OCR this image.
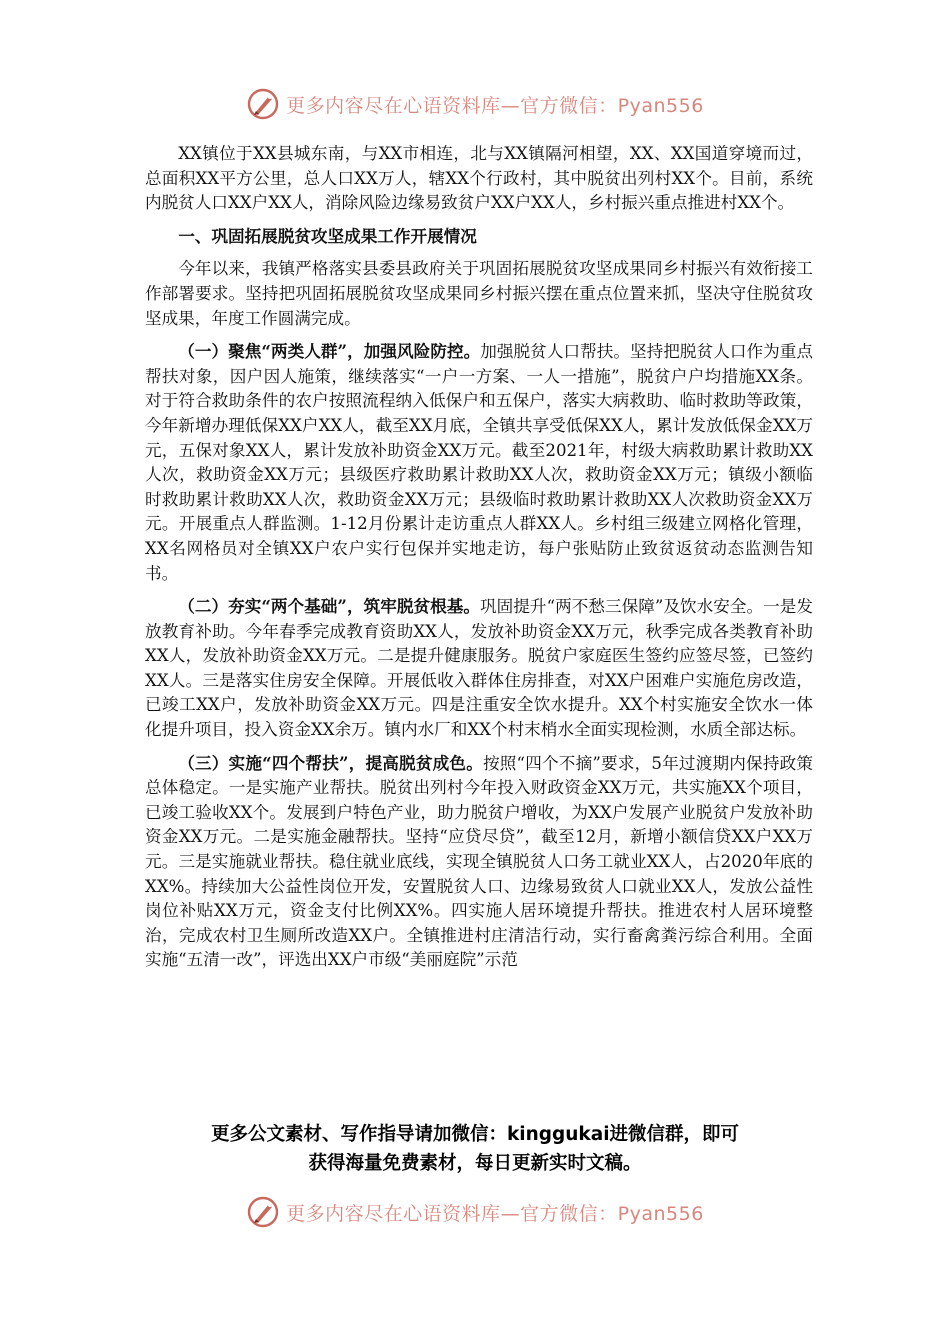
更多内容尽在心语资料库—官方微信：Pyan556

XX镇位于XX县城东南，与XX市相连，北与XX镇隔河相望，XX、XX国道穿境而过，总面积XX平方公里，总人口XX万人，辖XX个行政村，其中脱贫出列村XX个。目前，系统内脱贫人口XX户XX人，消除风险边缘易致贫户XX户XX人，乡村振兴重点推进村XX个。

一、巩固拓展脱贫攻坚成果工作开展情况

今年以来，我镇严格落实县委县政府关于巩固拓展脱贫攻坚成果同乡村振兴有效衔接工作部署要求。坚持把巩固拓展脱贫攻坚成果同乡村振兴摆在重点位置来抓，坚决守住脱贫攻坚成果，年度工作圆满完成。

（一）聚焦“两类人群”，加强风险防控。加强脱贫人口帮扶。坚持把脱贫人口作为重点帮扶对象，因户因人施策，继续落实“一户一方案、一人一措施”，脱贫户户均措施XX条。对于符合救助条件的农户按照流程纳入低保户和五保户，落实大病救助、临时救助等政策，今年新增办理低保XX户XX人，截至XX月底，全镇共享受低保XX人，累计发放低保金XX万元，五保对象XX人，累计发放补助资金XX万元。截至2021年，村级大病救助累计救助XX人次，救助资金XX万元；县级医疗救助累计救助XX人次，救助资金XX万元；镇级小额临时救助累计救助XX人次，救助资金XX万元；县级临时救助累计救助XX人次救助资金XX万元。开展重点人群监测。1-12月份累计走访重点人群XX人。乡村组三级建立网格化管理，XX名网格员对全镇XX户农户实行包保并实地走访，每户张贴防止致贫返贫动态监测告知书。

（二）夯实“两个基础”，筑牢脱贫根基。巩固提升“两不愁三保障”及饮水安全。一是发放教育补助。今年春季完成教育资助XX人，发放补助资金XX万元，秋季完成各类教育补助XX人，发放补助资金XX万元。二是提升健康服务。脱贫户家庭医生签约应签尽签，已签约XX人。三是落实住房安全保障。开展低收入群体住房排查，对XX户困难户实施危房改造，已竣工XX户，发放补助资金XX万元。四是注重安全饮水提升。XX个村实施安全饮水一体化提升项目，投入资金XX余万。镇内水厂和XX个村末梢水全面实现检测，水质全部达标。

（三）实施“四个帮扶”，提高脱贫成色。按照“四个不摘”要求，5年过渡期内保持政策总体稳定。一是实施产业帮扶。脱贫出列村今年投入财政资金XX万元，共实施XX个项目，已竣工验收XX个。发展到户特色产业，助力脱贫户增收，为XX户发展产业脱贫户发放补助资金XX万元。二是实施金融帮扶。坚持“应贷尽贷”，截至12月，新增小额信贷XX户XX万元。三是实施就业帮扶。稳住就业底线，实现全镇脱贫人口务工就业XX人，占2020年底的XX%。持续加大公益性岗位开发，安置脱贫人口、边缘易致贫人口就业XX人，发放公益性岗位补贴XX万元，资金支付比例XX%。四实施人居环境提升帮扶。推进农村人居环境整治，完成农村卫生厕所改造XX户。全镇推进村庄清洁行动，实行畜禽粪污综合利用。全面实施“五清一改”，评选出XX户市级“美丽庭院”示范

更多公文素材、写作指导请加微信：kinggukai进微信群，即可
获得海量免费素材，每日更新实时文稿。
更多内容尽在心语资料库—官方微信：Pyan556
